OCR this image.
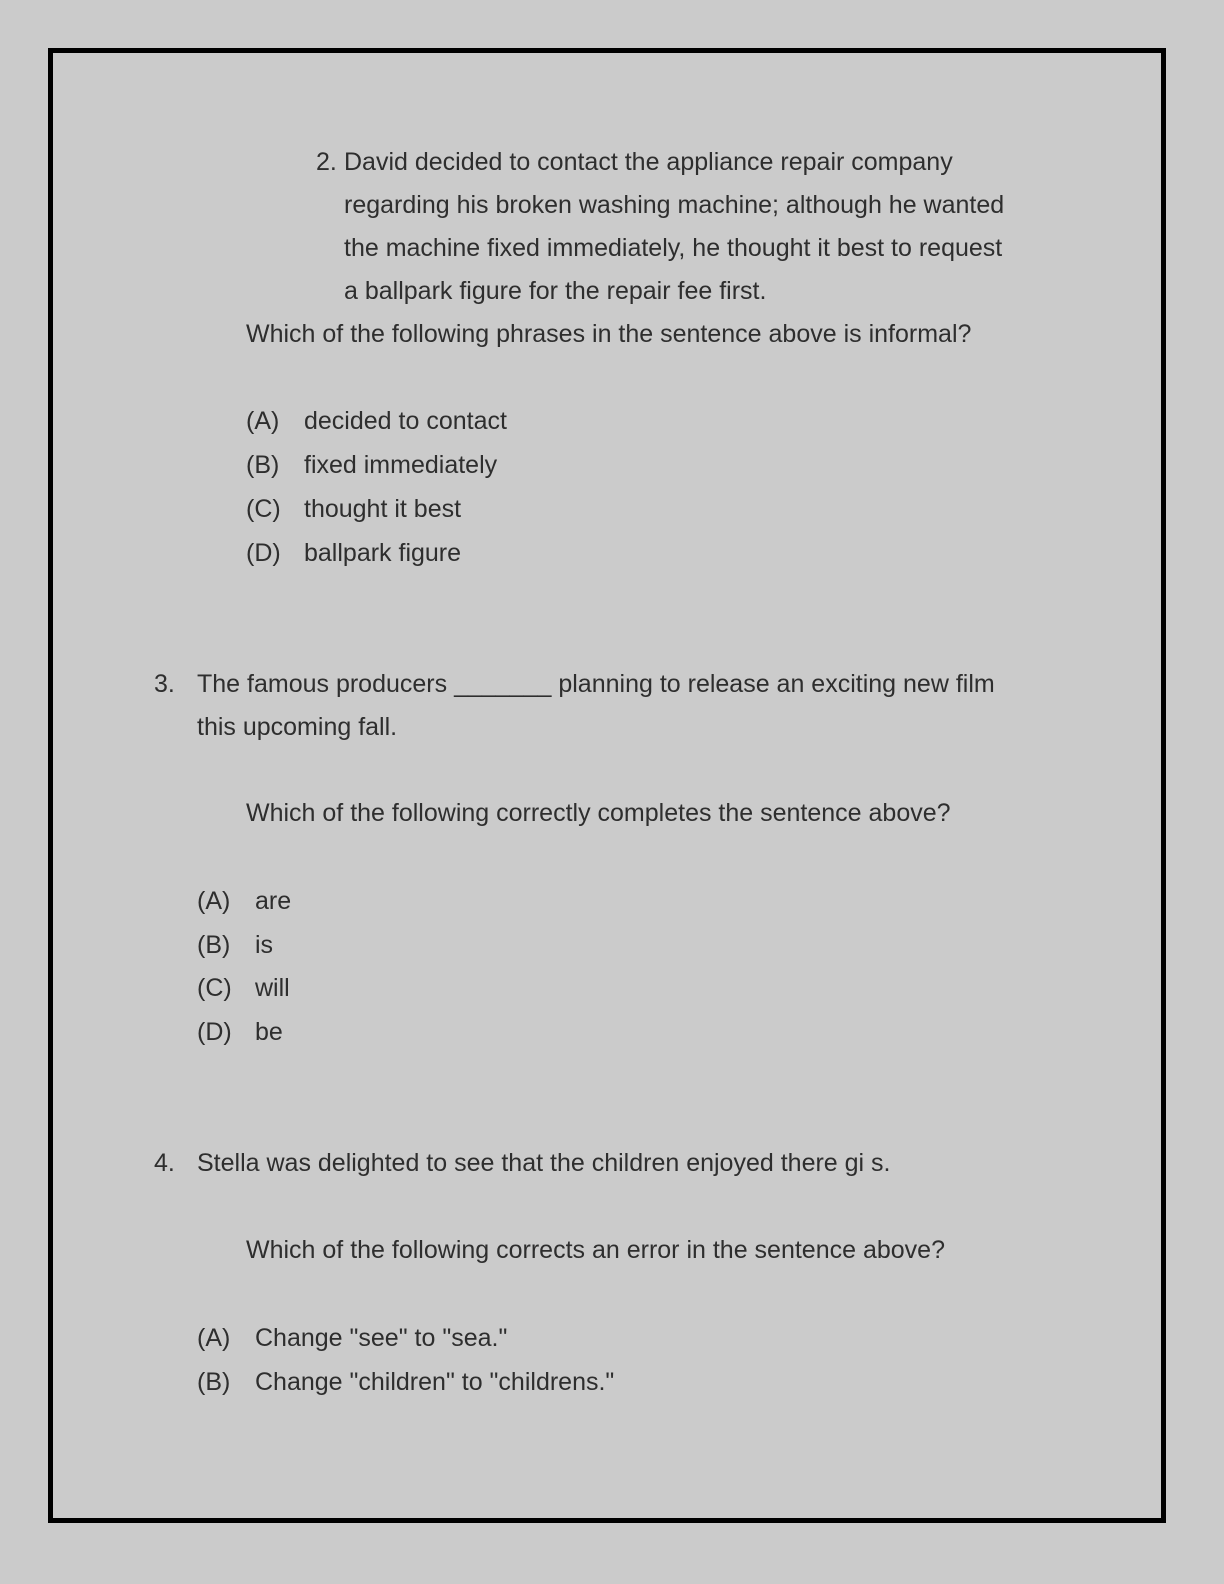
2. David decided to contact the appliance repair company
regarding his broken washing machine; although he wanted
the machine fixed immediately, he thought it best to request
a ballpark figure for the repair fee first.
Which of the following phrases in the sentence above is informal?
(A) decided to contact
(B) fixed immediately
(C) thought it best
(D) ballpark figure
3. The famous producers _______ planning to release an exciting new film
this upcoming fall.
Which of the following correctly completes the sentence above?
(A) are
(B) is
(C) will
(D) be
4. Stella was delighted to see that the children enjoyed there gi s.
Which of the following corrects an error in the sentence above?
(A) Change "see" to "sea."
(B) Change "children" to "childrens."
